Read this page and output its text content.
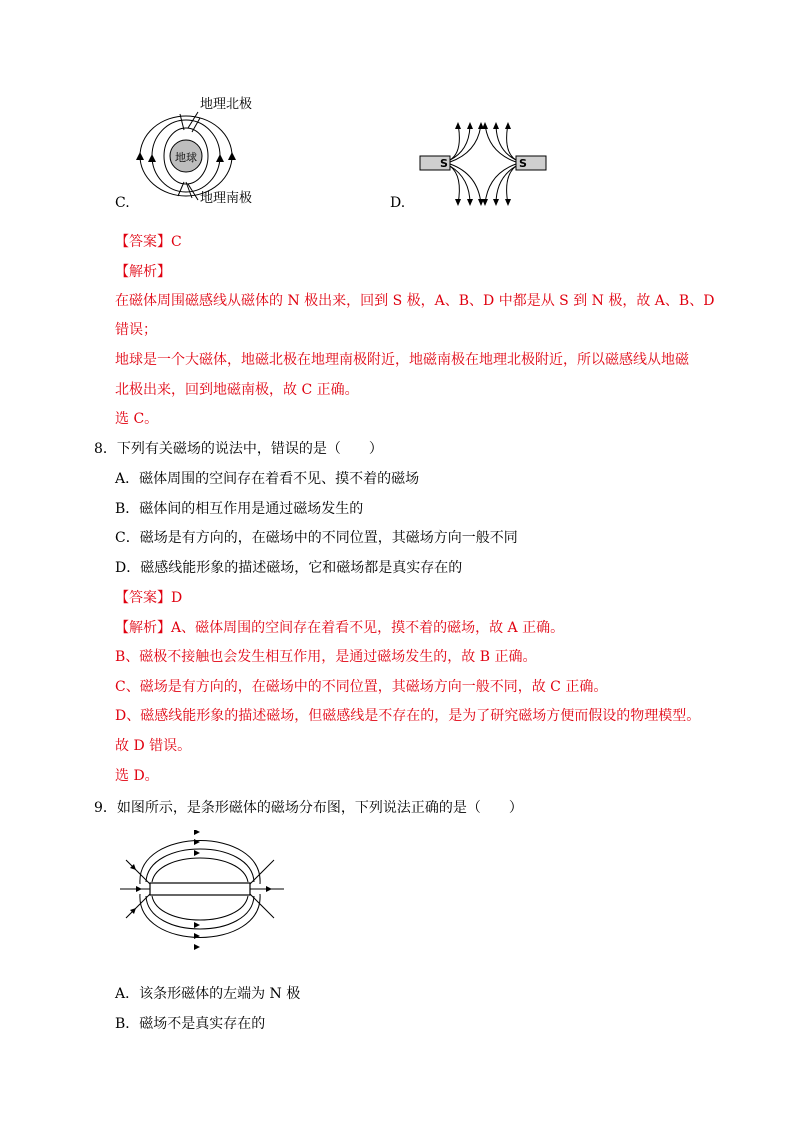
地理北极
地球
地理南极
C.
S	S
D.
【答案】C
【解析】
在磁体周围磁感线从磁体的 N 极出来，回到 S 极，A、B、D 中都是从 S 到 N 极，故 A、B、D
错误；
地球是一个大磁体，地磁北极在地理南极附近，地磁南极在地理北极附近，所以磁感线从地磁
北极出来，回到地磁南极，故 C 正确。
选 C。
8．下列有关磁场的说法中，错误的是（　　）
A．磁体周围的空间存在着看不见、摸不着的磁场
B．磁体间的相互作用是通过磁场发生的
C．磁场是有方向的，在磁场中的不同位置，其磁场方向一般不同
D．磁感线能形象的描述磁场，它和磁场都是真实存在的
【答案】D
【解析】A、磁体周围的空间存在着看不见，摸不着的磁场，故 A 正确。
B、磁极不接触也会发生相互作用，是通过磁场发生的，故 B 正确。
C、磁场是有方向的，在磁场中的不同位置，其磁场方向一般不同，故 C 正确。
D、磁感线能形象的描述磁场，但磁感线是不存在的，是为了研究磁场方便而假设的物理模型。
故 D 错误。
选 D。
9．如图所示，是条形磁体的磁场分布图，下列说法正确的是（　　）
A．该条形磁体的左端为 N 极
B．磁场不是真实存在的
